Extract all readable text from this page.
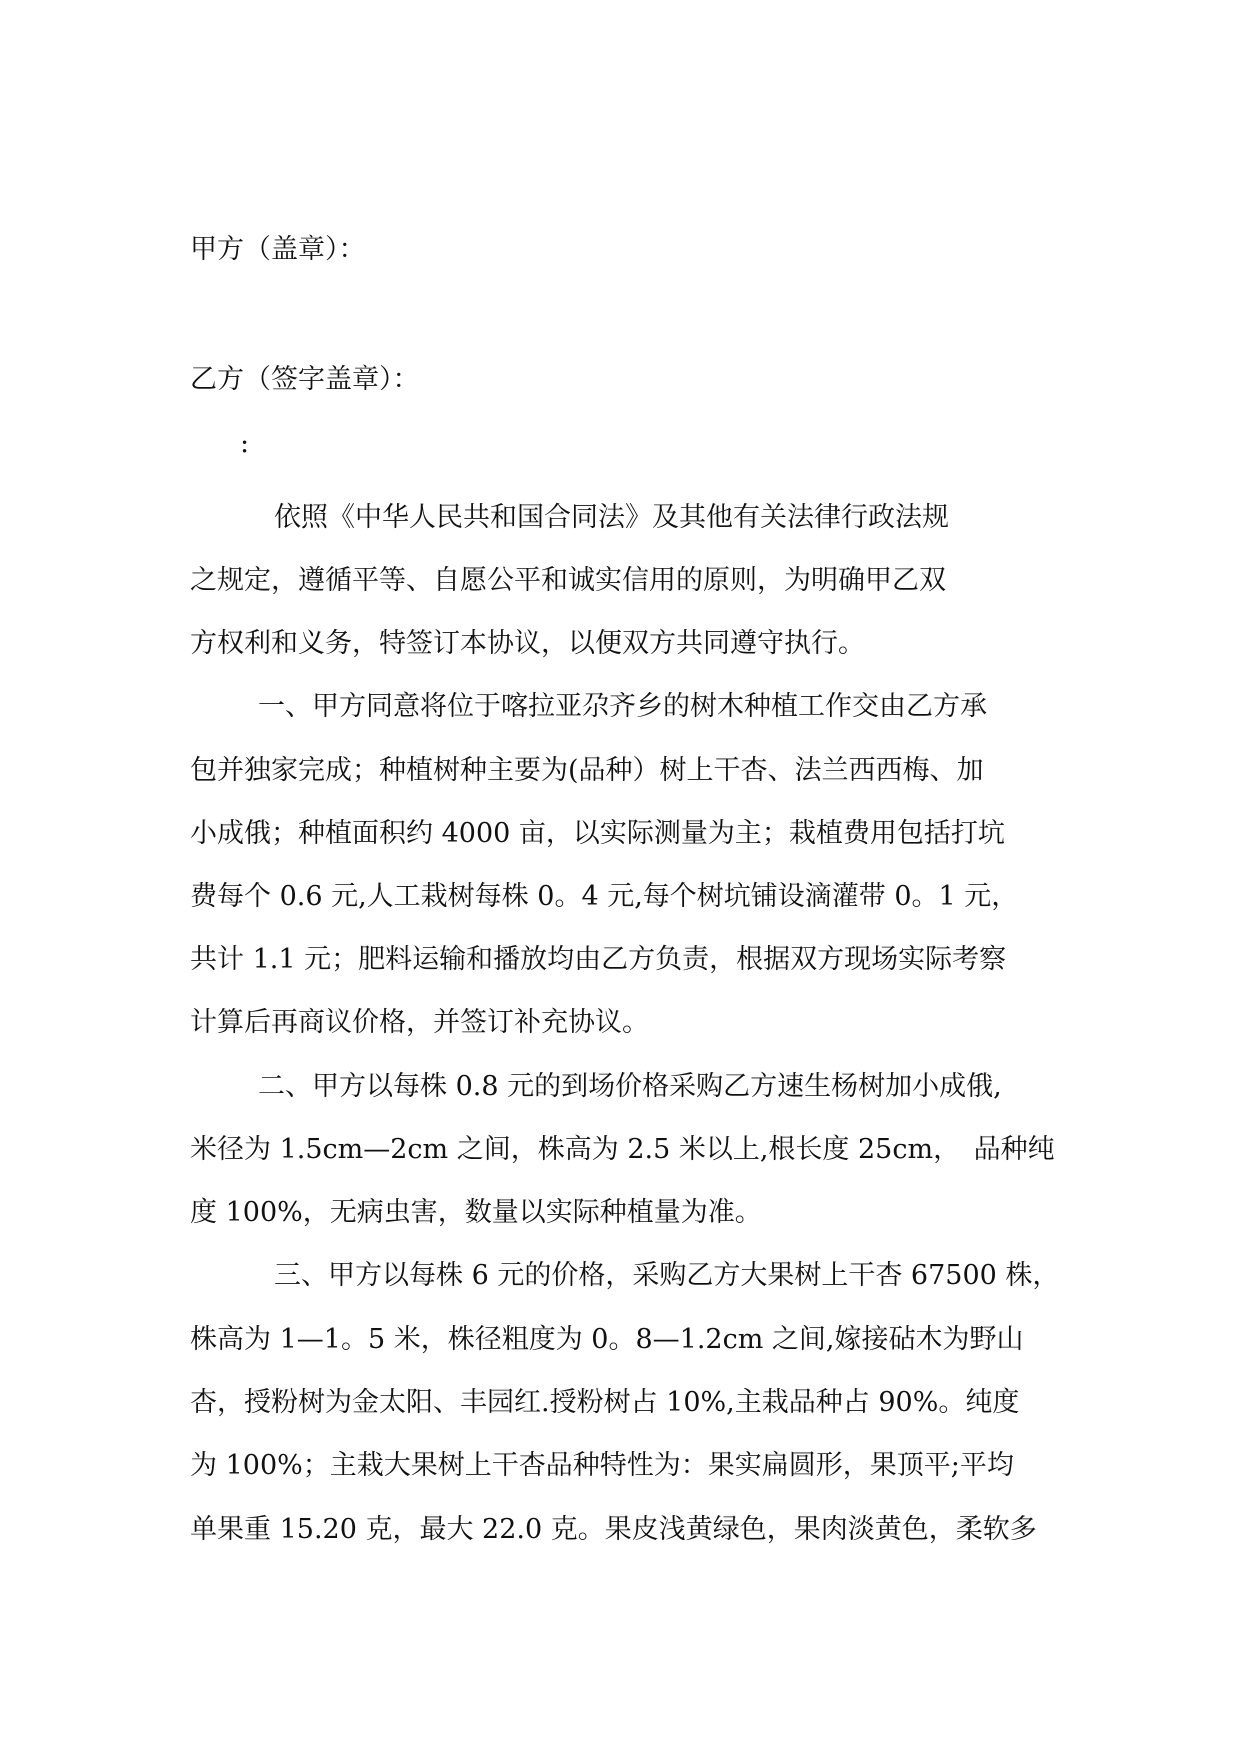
甲方（盖章）：

乙方（签字盖章）：

:

依照《中华人民共和国合同法》及其他有关法律行政法规

之规定，遵循平等、自愿公平和诚实信用的原则，为明确甲乙双

方权利和义务，特签订本协议，以便双方共同遵守执行。

一、甲方同意将位于喀拉亚尕齐乡的树木种植工作交由乙方承

包并独家完成；种植树种主要为(品种）树上干杏、法兰西西梅、加

小成俄；种植面积约 4000 亩，以实际测量为主；栽植费用包括打坑

费每个 0.6 元,人工栽树每株 0。4 元,每个树坑铺设滴灌带 0。1 元，

共计 1.1 元；肥料运输和播放均由乙方负责，根据双方现场实际考察

计算后再商议价格，并签订补充协议。

二、甲方以每株 0.8 元的到场价格采购乙方速生杨树加小成俄,

米径为 1.5cm—2cm 之间，株高为 2.5 米以上,根长度 25cm，　品种纯

度 100%，无病虫害，数量以实际种植量为准。

三、甲方以每株 6 元的价格，采购乙方大果树上干杏 67500 株，

株高为 1—1。5 米，株径粗度为 0。8—1.2cm 之间,嫁接砧木为野山

杏，授粉树为金太阳、丰园红.授粉树占 10%,主栽品种占 90%。纯度

为 100%；主栽大果树上干杏品种特性为：果实扁圆形，果顶平;平均

单果重 15.20 克，最大 22.0 克。果皮浅黄绿色，果肉淡黄色，柔软多
